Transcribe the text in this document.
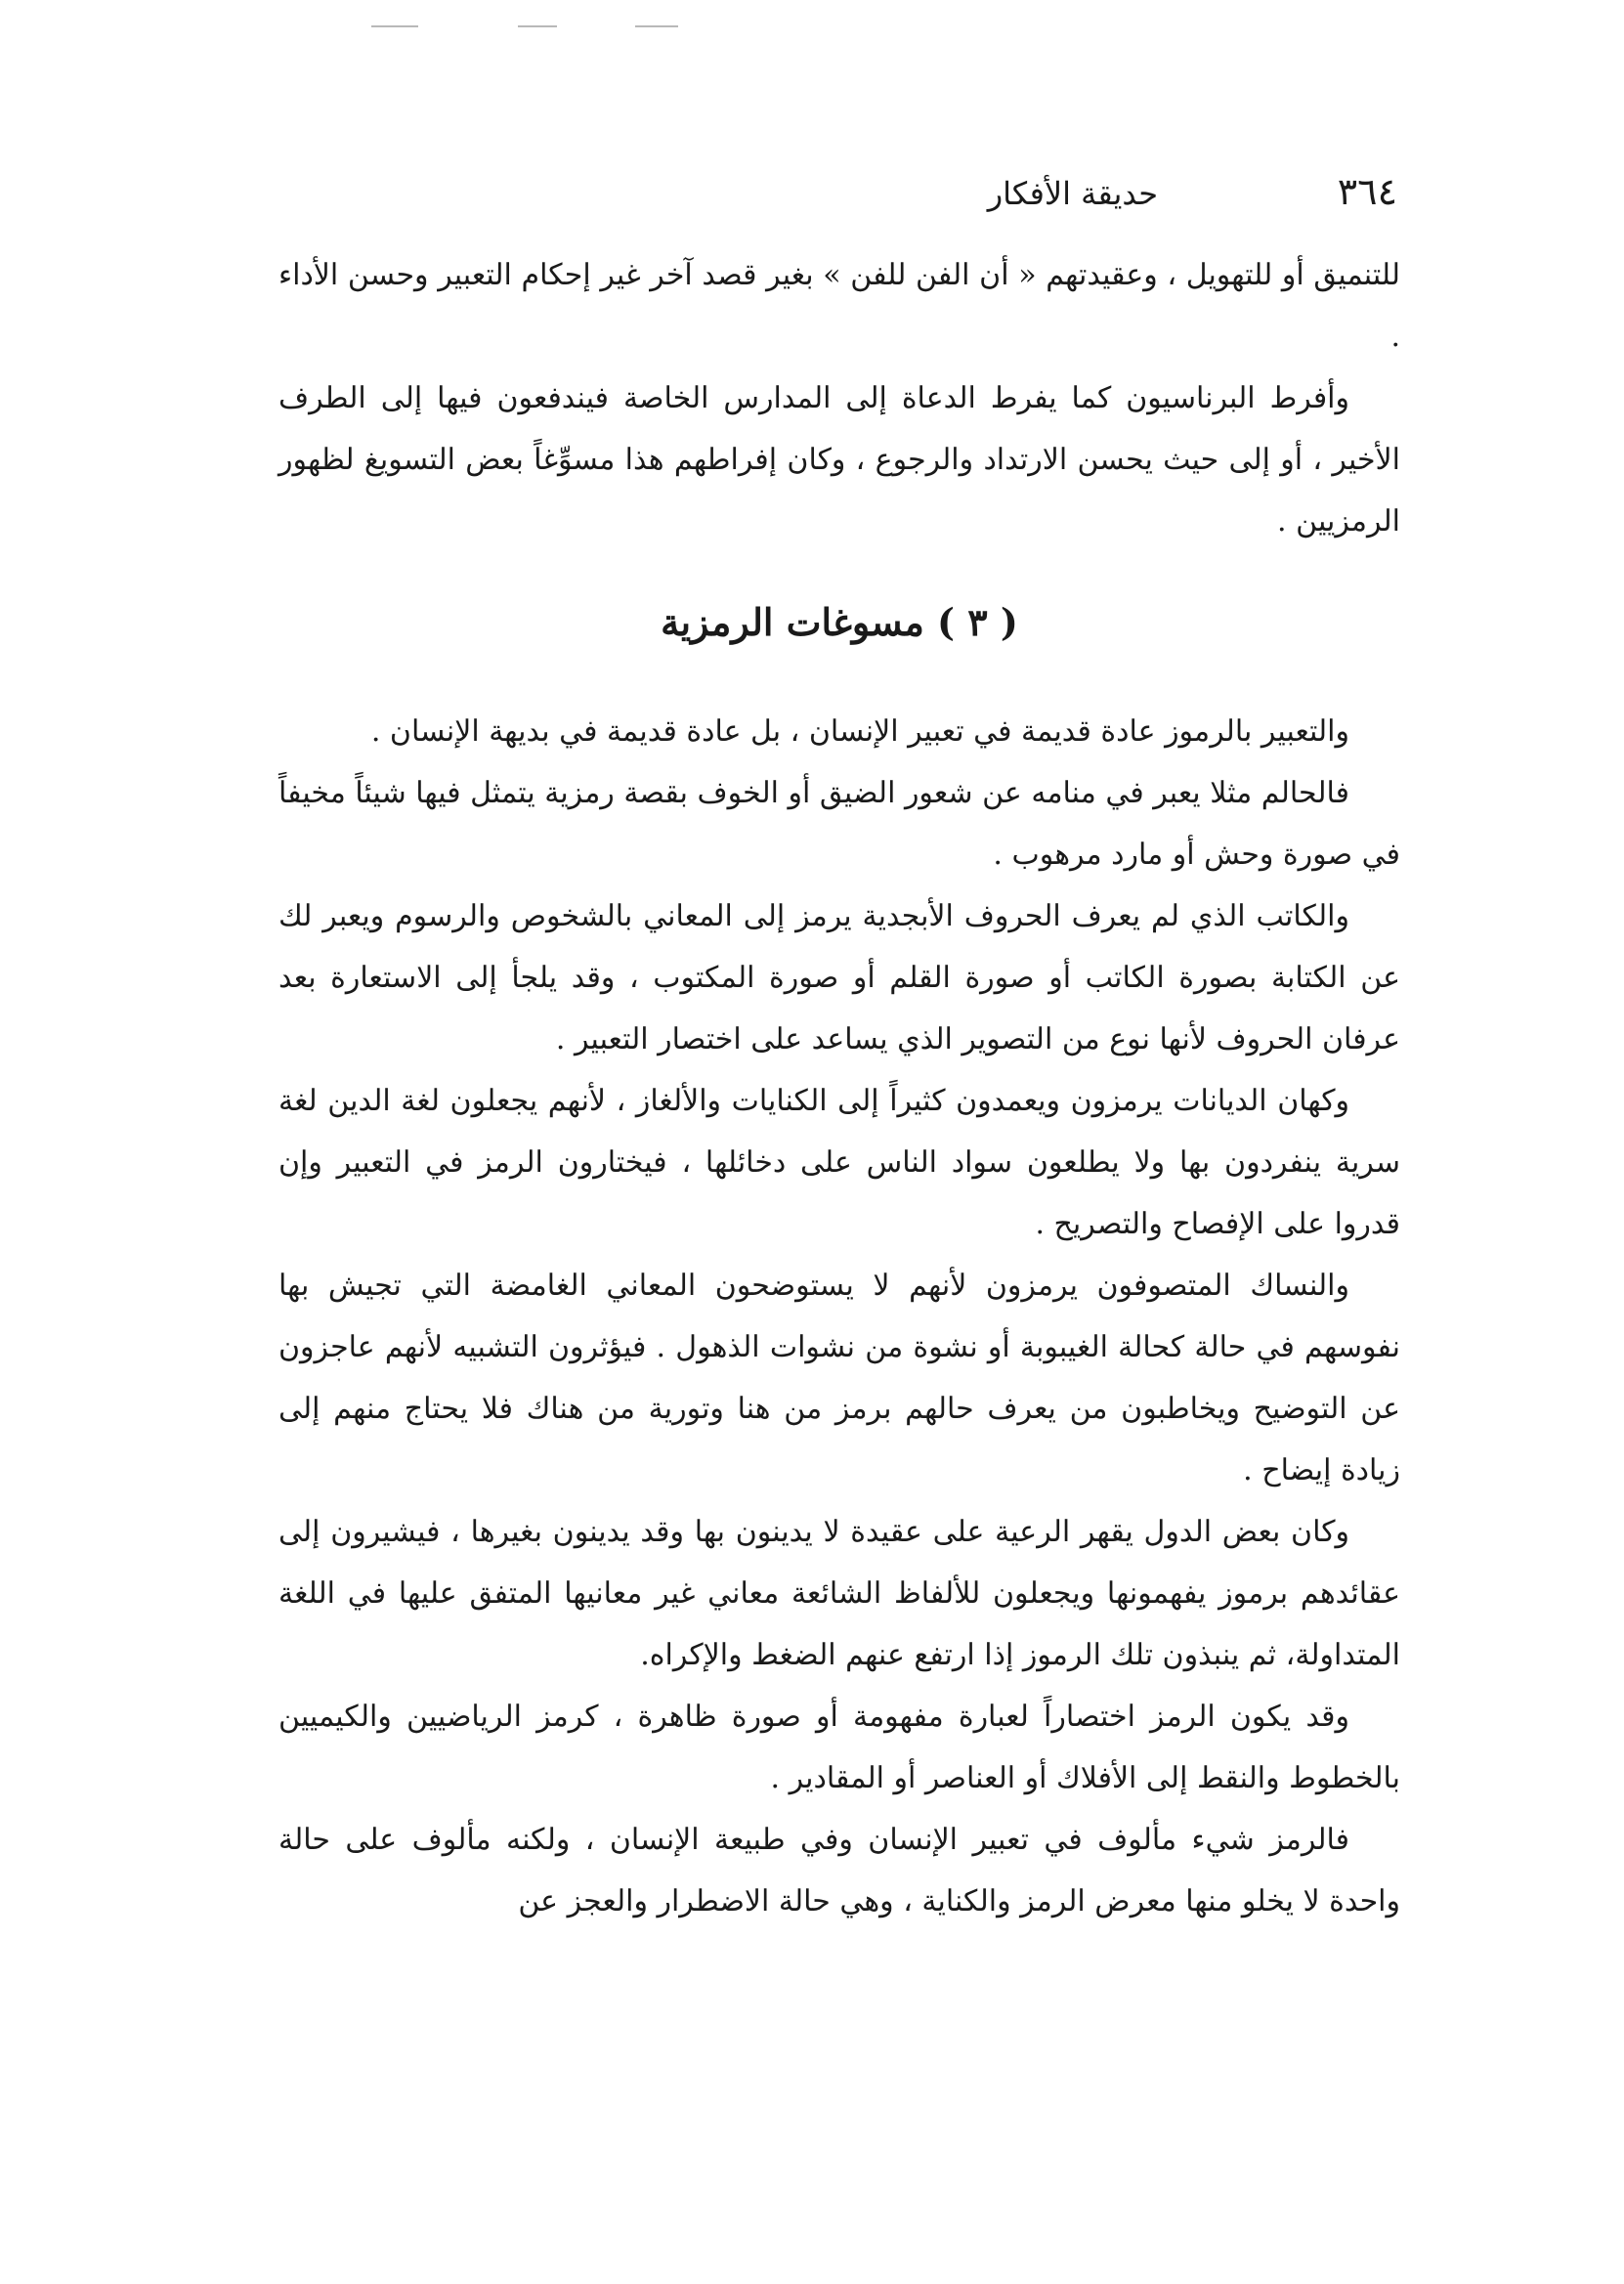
٣٦٤
حديقة الأفكار

للتنميق أو للتهويل ، وعقيدتهم « أن الفن للفن » بغير قصد آخر غير إحكام التعبير وحسن الأداء .

وأفرط البرناسيون كما يفرط الدعاة إلى المدارس الخاصة فيندفعون فيها إلى الطرف الأخير ، أو إلى حيث يحسن الارتداد والرجوع ، وكان إفراطهم هذا مسوِّغاً بعض التسويغ لظهور الرمزيين .

( ٣ ) مسوغات الرمزية

والتعبير بالرموز عادة قديمة في تعبير الإنسان ، بل عادة قديمة في بديهة الإنسان .

فالحالم مثلا يعبر في منامه عن شعور الضيق أو الخوف بقصة رمزية يتمثل فيها شيئاً مخيفاً في صورة وحش أو مارد مرهوب .

والكاتب الذي لم يعرف الحروف الأبجدية يرمز إلى المعاني بالشخوص والرسوم ويعبر لك عن الكتابة بصورة الكاتب أو صورة القلم أو صورة المكتوب ، وقد يلجأ إلى الاستعارة بعد عرفان الحروف لأنها نوع من التصوير الذي يساعد على اختصار التعبير .

وكهان الديانات يرمزون ويعمدون كثيراً إلى الكنايات والألغاز ، لأنهم يجعلون لغة الدين لغة سرية ينفردون بها ولا يطلعون سواد الناس على دخائلها ، فيختارون الرمز في التعبير وإن قدروا على الإفصاح والتصريح .

والنساك المتصوفون يرمزون لأنهم لا يستوضحون المعاني الغامضة التي تجيش بها نفوسهم في حالة كحالة الغيبوبة أو نشوة من نشوات الذهول . فيؤثرون التشبيه لأنهم عاجزون عن التوضيح ويخاطبون من يعرف حالهم برمز من هنا وتورية من هناك فلا يحتاج منهم إلى زيادة إيضاح .

وكان بعض الدول يقهر الرعية على عقيدة لا يدينون بها وقد يدينون بغيرها ، فيشيرون إلى عقائدهم برموز يفهمونها ويجعلون للألفاظ الشائعة معاني غير معانيها المتفق عليها في اللغة المتداولة، ثم ينبذون تلك الرموز إذا ارتفع عنهم الضغط والإكراه.

وقد يكون الرمز اختصاراً لعبارة مفهومة أو صورة ظاهرة ، كرمز الرياضيين والكيميين بالخطوط والنقط إلى الأفلاك أو العناصر أو المقادير .

فالرمز شيء مألوف في تعبير الإنسان وفي طبيعة الإنسان ، ولكنه مألوف على حالة واحدة لا يخلو منها معرض الرمز والكناية ، وهي حالة الاضطرار والعجز عن
